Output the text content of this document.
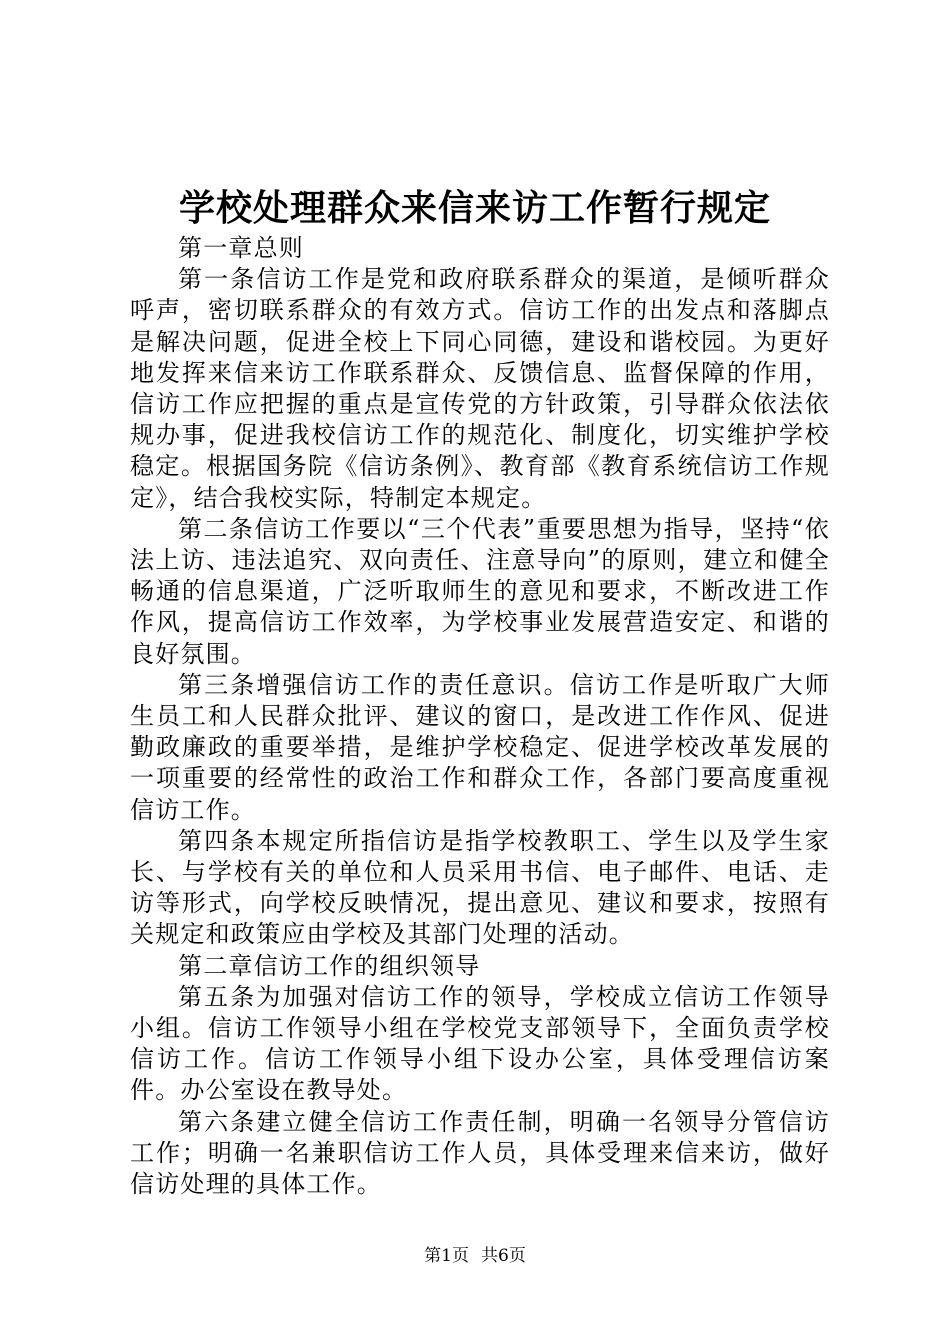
学校处理群众来信来访工作暂行规定

第一章总则

第一条信访工作是党和政府联系群众的渠道，是倾听群众呼声，密切联系群众的有效方式。信访工作的出发点和落脚点是解决问题，促进全校上下同心同德，建设和谐校园。为更好地发挥来信来访工作联系群众、反馈信息、监督保障的作用，信访工作应把握的重点是宣传党的方针政策，引导群众依法依规办事，促进我校信访工作的规范化、制度化，切实维护学校稳定。根据国务院《信访条例》、教育部《教育系统信访工作规定》，结合我校实际，特制定本规定。

第二条信访工作要以“三个代表”重要思想为指导，坚持“依法上访、违法追究、双向责任、注意导向”的原则，建立和健全畅通的信息渠道，广泛听取师生的意见和要求，不断改进工作作风，提高信访工作效率，为学校事业发展营造安定、和谐的良好氛围。

第三条增强信访工作的责任意识。信访工作是听取广大师生员工和人民群众批评、建议的窗口，是改进工作作风、促进勤政廉政的重要举措，是维护学校稳定、促进学校改革发展的一项重要的经常性的政治工作和群众工作，各部门要高度重视信访工作。

第四条本规定所指信访是指学校教职工、学生以及学生家长、与学校有关的单位和人员采用书信、电子邮件、电话、走访等形式，向学校反映情况，提出意见、建议和要求，按照有关规定和政策应由学校及其部门处理的活动。

第二章信访工作的组织领导

第五条为加强对信访工作的领导，学校成立信访工作领导小组。信访工作领导小组在学校党支部领导下，全面负责学校信访工作。信访工作领导小组下设办公室，具体受理信访案件。办公室设在教导处。

第六条建立健全信访工作责任制，明确一名领导分管信访工作；明确一名兼职信访工作人员，具体受理来信来访，做好信访处理的具体工作。

第1页 共6页
